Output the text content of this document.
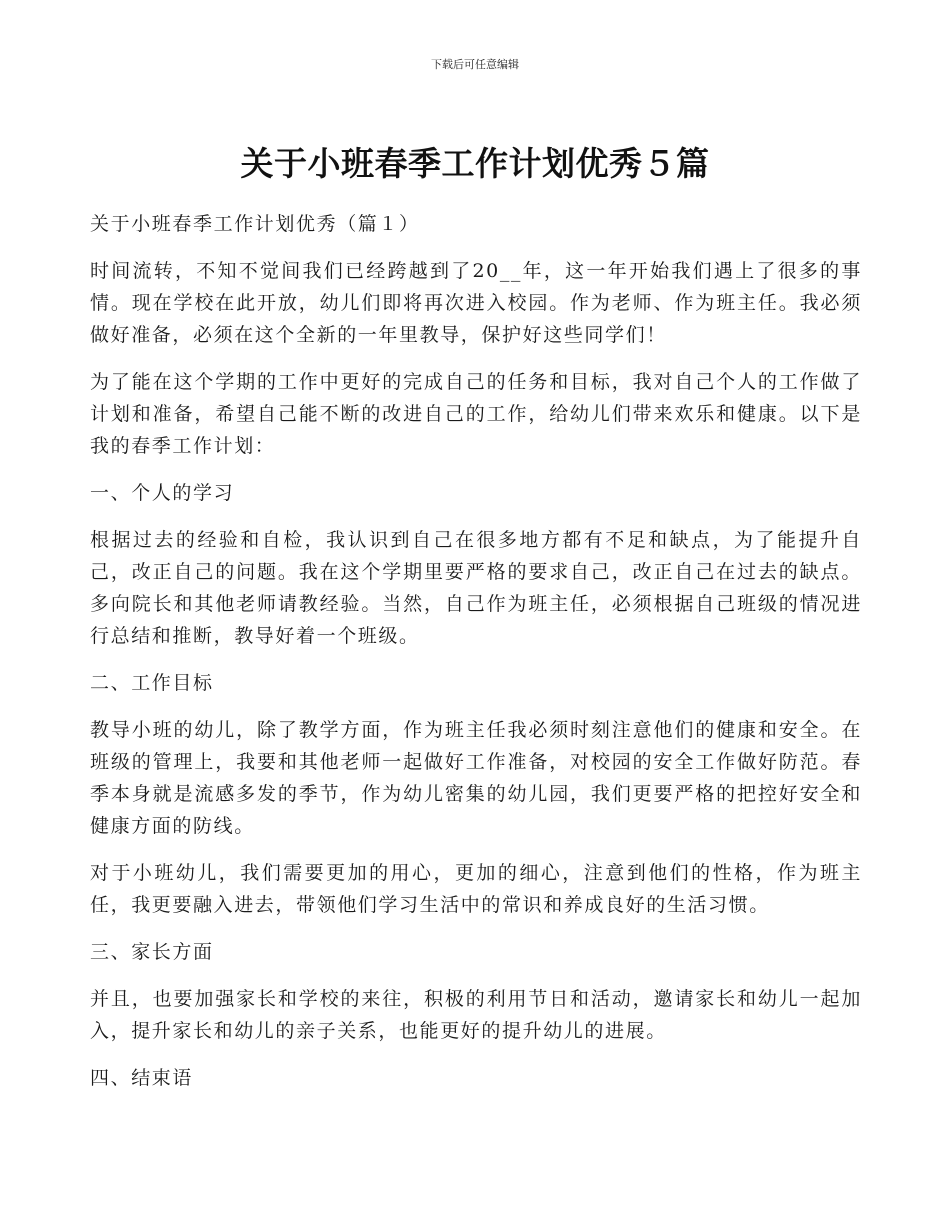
下载后可任意编辑
关于小班春季工作计划优秀５篇

关于小班春季工作计划优秀（篇１）

时间流转，不知不觉间我们已经跨越到了20__年，这一年开始我们遇上了很多的事情。现在学校在此开放，幼儿们即将再次进入校园。作为老师、作为班主任。我必须做好准备，必须在这个全新的一年里教导，保护好这些同学们！

为了能在这个学期的工作中更好的完成自己的任务和目标，我对自己个人的工作做了计划和准备，希望自己能不断的改进自己的工作，给幼儿们带来欢乐和健康。以下是我的春季工作计划：

一、个人的学习

根据过去的经验和自检，我认识到自己在很多地方都有不足和缺点，为了能提升自己，改正自己的问题。我在这个学期里要严格的要求自己，改正自己在过去的缺点。多向院长和其他老师请教经验。当然，自己作为班主任，必须根据自己班级的情况进行总结和推断，教导好着一个班级。

二、工作目标

教导小班的幼儿，除了教学方面，作为班主任我必须时刻注意他们的健康和安全。在班级的管理上，我要和其他老师一起做好工作准备，对校园的安全工作做好防范。春季本身就是流感多发的季节，作为幼儿密集的幼儿园，我们更要严格的把控好安全和健康方面的防线。

对于小班幼儿，我们需要更加的用心，更加的细心，注意到他们的性格，作为班主任，我更要融入进去，带领他们学习生活中的常识和养成良好的生活习惯。

三、家长方面

并且，也要加强家长和学校的来往，积极的利用节日和活动，邀请家长和幼儿一起加入，提升家长和幼儿的亲子关系，也能更好的提升幼儿的进展。

四、结束语
